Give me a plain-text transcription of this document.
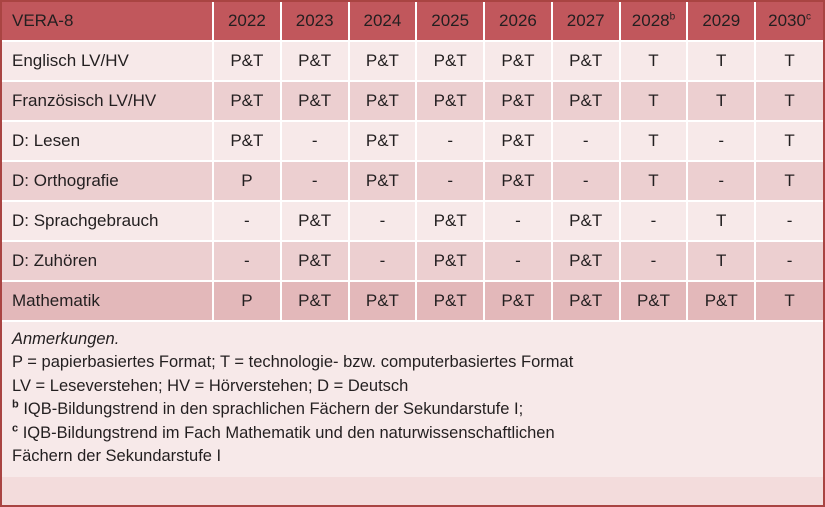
VERA-8	2022	2023	2024	2025	2026	2027	2028$^b$	2029	2030$^c$
Englisch LV/HV	P&T	P&T	P&T	P&T	P&T	P&T	T	T	T
Französisch LV/HV	P&T	P&T	P&T	P&T	P&T	P&T	T	T	T
D: Lesen	P&T	-	P&T	-	P&T	-	T	-	T
D: Orthografie	P	-	P&T	-	P&T	-	T	-	T
D: Sprachgebrauch	-	P&T	-	P&T	-	P&T	-	T	-
D: Zuhören	-	P&T	-	P&T	-	P&T	-	T	-
Mathematik	P	P&T	P&T	P&T	P&T	P&T	P&T	P&T	T
Anmerkungen.
P = papierbasiertes Format; T = technologie- bzw. computerbasiertes Format
LV = Leseverstehen; HV = Hörverstehen; D = Deutsch
$^b$ IQB-Bildungstrend in den sprachlichen Fächern der Sekundarstufe I;
$^c$ IQB-Bildungstrend im Fach Mathematik und den naturwissenschaftlichen
Fächern der Sekundarstufe I
